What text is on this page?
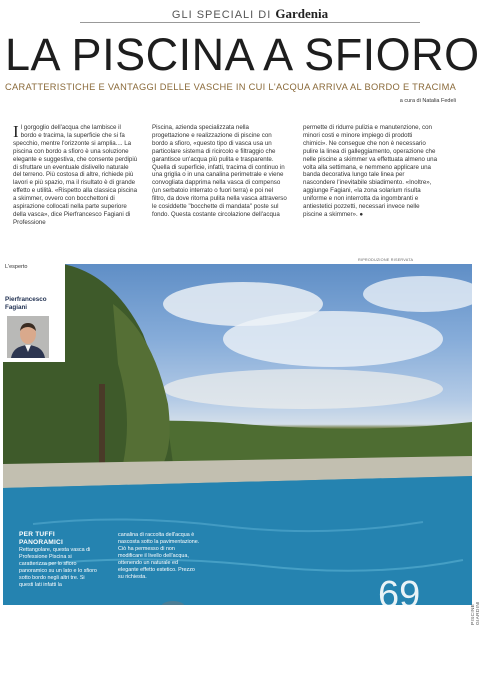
GLI SPECIALI DI Gardenia
LA PISCINA A SFIORO
CARATTERISTICHE E VANTAGGI DELLE VASCHE IN CUI L'ACQUA ARRIVA AL BORDO E TRACIMA
a cura di Natalia Fedeli
Il gorgoglio dell'acqua che lambisce il bordo e tracima, la superficie che si fa specchio, mentre l'orizzonte si amplia.... La piscina con bordo a sfioro è una soluzione elegante e suggestiva, che consente perdipiù di sfruttare un eventuale dislivello naturale del terreno. Più costosa di altre, richiede più lavori e più spazio, ma il risultato è di grande effetto e utilità. «Rispetto alla classica piscina a skimmer, ovvero con bocchettoni di aspirazione collocati nella parte superiore della vasca», dice Pierfrancesco Fagiani di Professione
Piscina, azienda specializzata nella progettazione e realizzazione di piscine con bordo a sfioro, «questo tipo di vasca usa un particolare sistema di ricircolo e filtraggio che garantisce un'acqua più pulita e trasparente. Quella di superficie, infatti, tracima di continuo in una griglia o in una canalina perimetrale e viene convogliata dapprima nella vasca di compenso (un serbatoio interrato o fuori terra) e poi nel filtro, da dove ritorna pulita nella vasca attraverso le cosiddette "bocchette di mandata" poste sul fondo. Questa costante circolazione dell'acqua
permette di ridurre pulizia e manutenzione, con minori costi e minore impiego di prodotti chimici». Ne consegue che non è necessario pulire la linea di galleggiamento, operazione che nelle piscine a skimmer va effettuata almeno una volta alla settimana, e nemmeno applicare una banda decorativa lungo tale linea per nascondere l'inevitabile sbiadimento. «Inoltre», aggiunge Fagiani, «la zona solarium risulta uniforme e non interrotta da ingombranti e antiestetici pozzetti, necessari invece nelle piscine a skimmer». ●
RIPRODUZIONE RISERVATA
L'esperto
Pierfrancesco
Fagiani
PER TUFFI PANORAMICI
Rettangolare, questa vasca di Professione Piscina si caratterizza per lo sfioro panoramico su un lato e lo sfioro sotto bordo negli altri tre. Si questi lati infatti la
canalina di raccolta dell'acqua è nascosta sotto la pavimentazione. Ciò ha permesso di non modificare il livello dell'acqua, ottenendo un naturale ed elegante effetto estetico. Prezzo su richiesta.	69	PISCINE GIARDINI
